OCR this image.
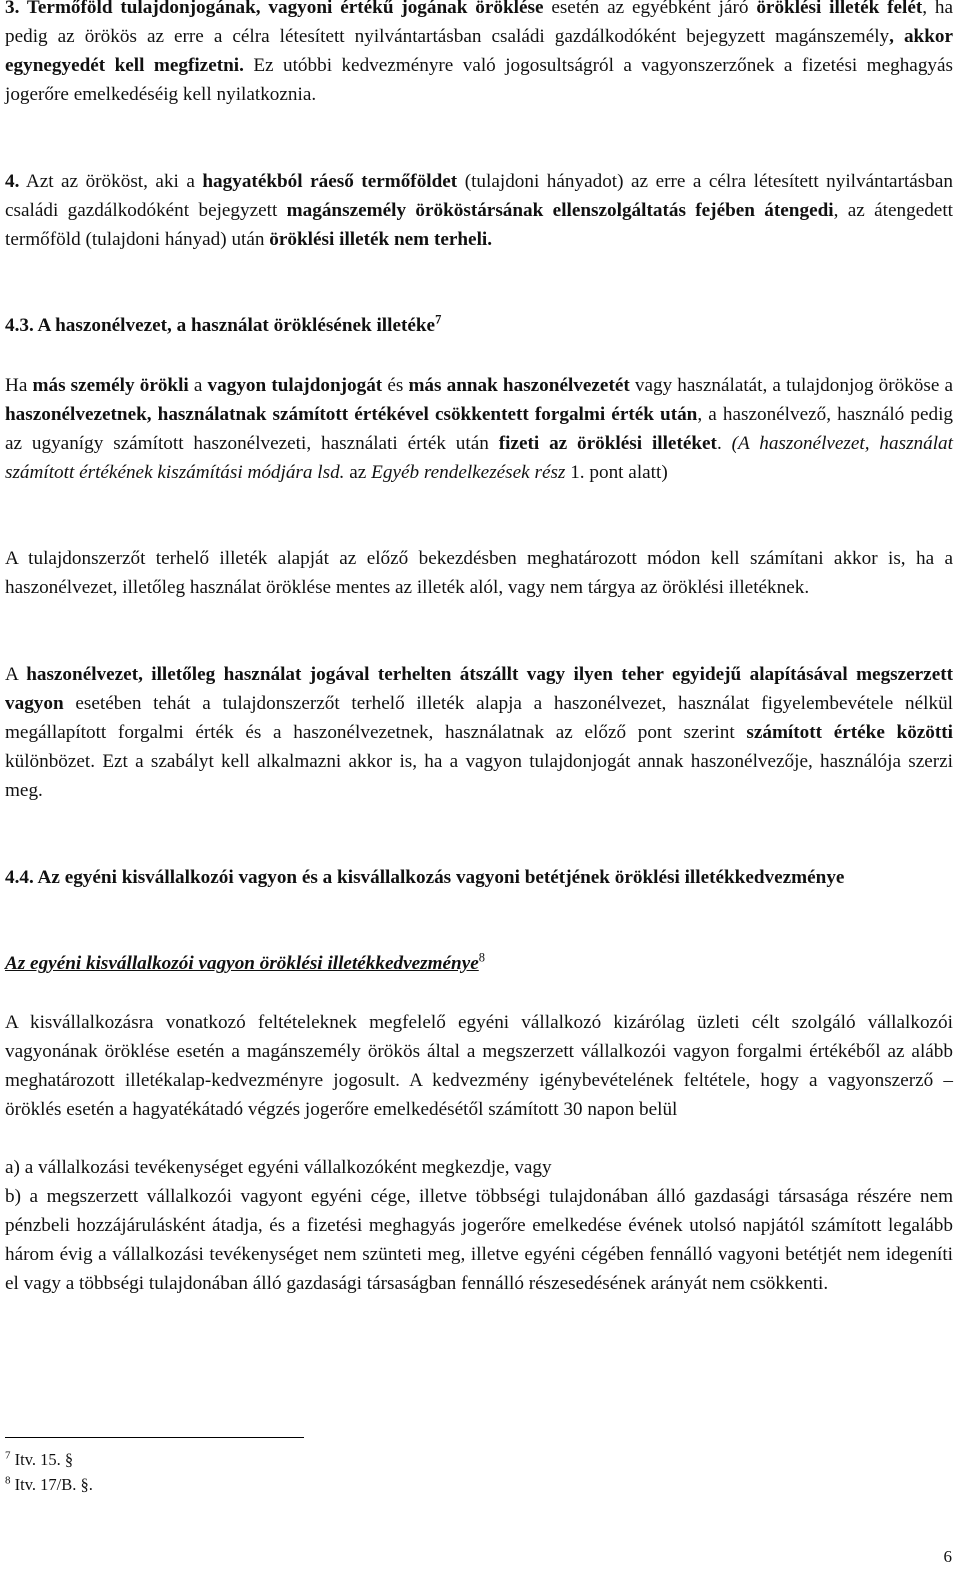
3. Termőföld tulajdonjogának, vagyoni értékű jogának öröklése esetén az egyébként járó öröklési illeték felét, ha pedig az örökös az erre a célra létesített nyilvántartásban családi gazdálkodóként bejegyzett magánszemély, akkor egynegyedét kell megfizetni. Ez utóbbi kedvezményre való jogosultságról a vagyonszerzőnek a fizetési meghagyás jogerőre emelkedéséig kell nyilatkoznia.

4. Azt az örököst, aki a hagyatékból ráeső termőföldet (tulajdoni hányadot) az erre a célra létesített nyilvántartásban családi gazdálkodóként bejegyzett magánszemély örököstársának ellenszolgáltatás fejében átengedi, az átengedett termőföld (tulajdoni hányad) után öröklési illeték nem terheli.

4.3. A haszonélvezet, a használat öröklésének illetéke$^7$

Ha más személy örökli a vagyon tulajdonjogát és más annak haszonélvezetét vagy használatát, a tulajdonjog örököse a haszonélvezetnek, használatnak számított értékével csökkentett forgalmi érték után, a haszonélvező, használó pedig az ugyanígy számított haszonélvezeti, használati érték után fizeti az öröklési illetéket. (A haszonélvezet, használat számított értékének kiszámítási módjára lsd. az Egyéb rendelkezések rész 1. pont alatt)

A tulajdonszerzőt terhelő illeték alapját az előző bekezdésben meghatározott módon kell számítani akkor is, ha a haszonélvezet, illetőleg használat öröklése mentes az illeték alól, vagy nem tárgya az öröklési illetéknek.

A haszonélvezet, illetőleg használat jogával terhelten átszállt vagy ilyen teher egyidejű alapításával megszerzett vagyon esetében tehát a tulajdonszerzőt terhelő illeték alapja a haszonélvezet, használat figyelembevétele nélkül megállapított forgalmi érték és a haszonélvezetnek, használatnak az előző pont szerint számított értéke közötti különbözet. Ezt a szabályt kell alkalmazni akkor is, ha a vagyon tulajdonjogát annak haszonélvezője, használója szerzi meg.

4.4. Az egyéni kisvállalkozói vagyon és a kisvállalkozás vagyoni betétjének öröklési illetékkedvezménye

Az egyéni kisvállalkozói vagyon öröklési illetékkedvezménye$^8$

A kisvállalkozásra vonatkozó feltételeknek megfelelő egyéni vállalkozó kizárólag üzleti célt szolgáló vállalkozói vagyonának öröklése esetén a magánszemély örökös által a megszerzett vállalkozói vagyon forgalmi értékéből az alább meghatározott illetékalap-kedvezményre jogosult. A kedvezmény igénybevételének feltétele, hogy a vagyonszerző – öröklés esetén a hagyatékátadó végzés jogerőre emelkedésétől számított 30 napon belül

a) a vállalkozási tevékenységet egyéni vállalkozóként megkezdje, vagy

b) a megszerzett vállalkozói vagyont egyéni cége, illetve többségi tulajdonában álló gazdasági társasága részére nem pénzbeli hozzájárulásként átadja, és a fizetési meghagyás jogerőre emelkedése évének utolsó napjától számított legalább három évig a vállalkozási tevékenységet nem szünteti meg, illetve egyéni cégében fennálló vagyoni betétjét nem idegeníti el vagy a többségi tulajdonában álló gazdasági társaságban fennálló részesedésének arányát nem csökkenti.

$^7$ Itv. 15. §
$^8$ Itv. 17/B. §.
6
